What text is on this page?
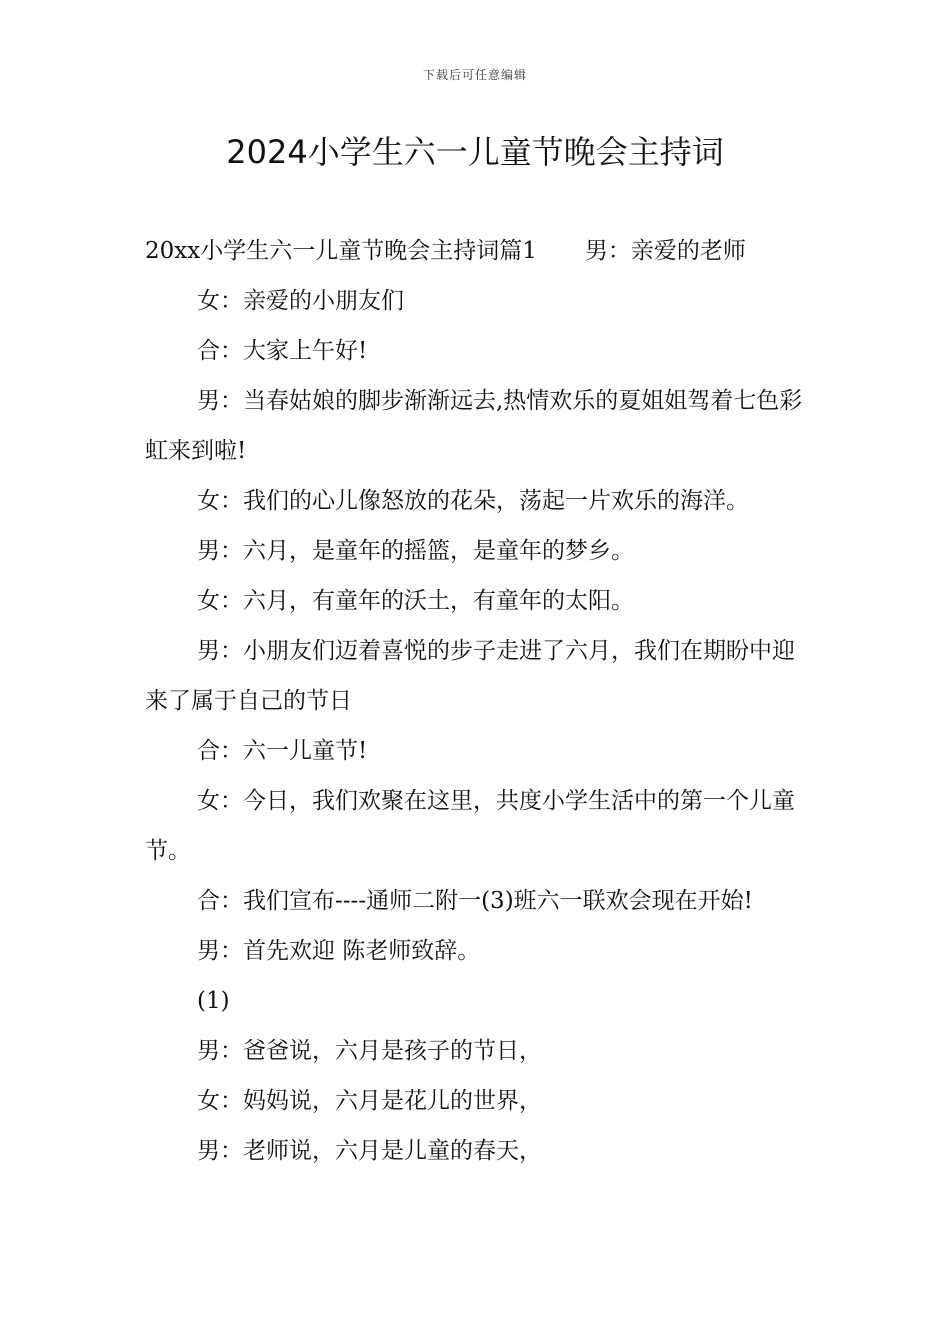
下载后可任意编辑
2024小学生六一儿童节晚会主持词

20xx小学生六一儿童节晚会主持词篇1 男：亲爱的老师

女：亲爱的小朋友们

合：大家上午好!

男：当春姑娘的脚步渐渐远去,热情欢乐的夏姐姐驾着七色彩虹来到啦!

女：我们的心儿像怒放的花朵，荡起一片欢乐的海洋。

男：六月，是童年的摇篮，是童年的梦乡。

女：六月，有童年的沃土，有童年的太阳。

男：小朋友们迈着喜悦的步子走进了六月，我们在期盼中迎来了属于自己的节日

合：六一儿童节!

女：今日，我们欢聚在这里，共度小学生活中的第一个儿童节。

合：我们宣布----通师二附一(3)班六一联欢会现在开始!

男：首先欢迎 陈老师致辞。

(1)

男：爸爸说，六月是孩子的节日，

女：妈妈说，六月是花儿的世界，

男：老师说，六月是儿童的春天，
